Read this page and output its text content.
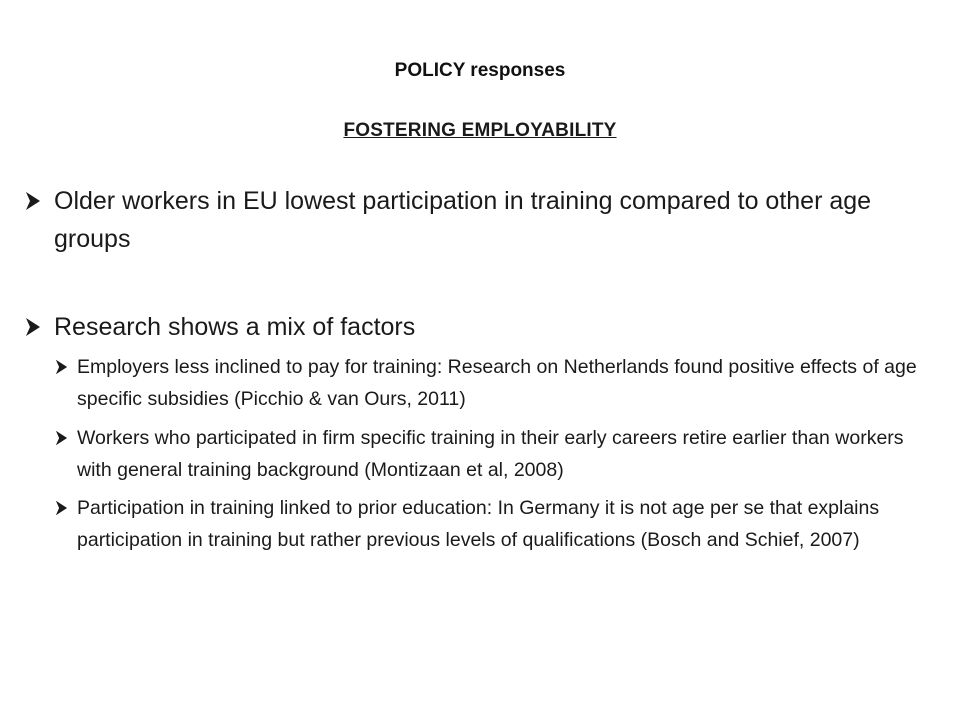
POLICY responses
FOSTERING EMPLOYABILITY
Older workers in EU lowest participation in training compared to other age groups
Research shows a mix of factors
Employers less inclined to pay for training: Research on Netherlands found positive effects of age specific subsidies (Picchio & van Ours, 2011)
Workers who participated in firm specific training in their early careers retire earlier than workers with general training background (Montizaan et al, 2008)
Participation in training linked to prior education: In Germany it is not age per se that explains participation in training but rather previous levels of qualifications (Bosch and Schief, 2007)
